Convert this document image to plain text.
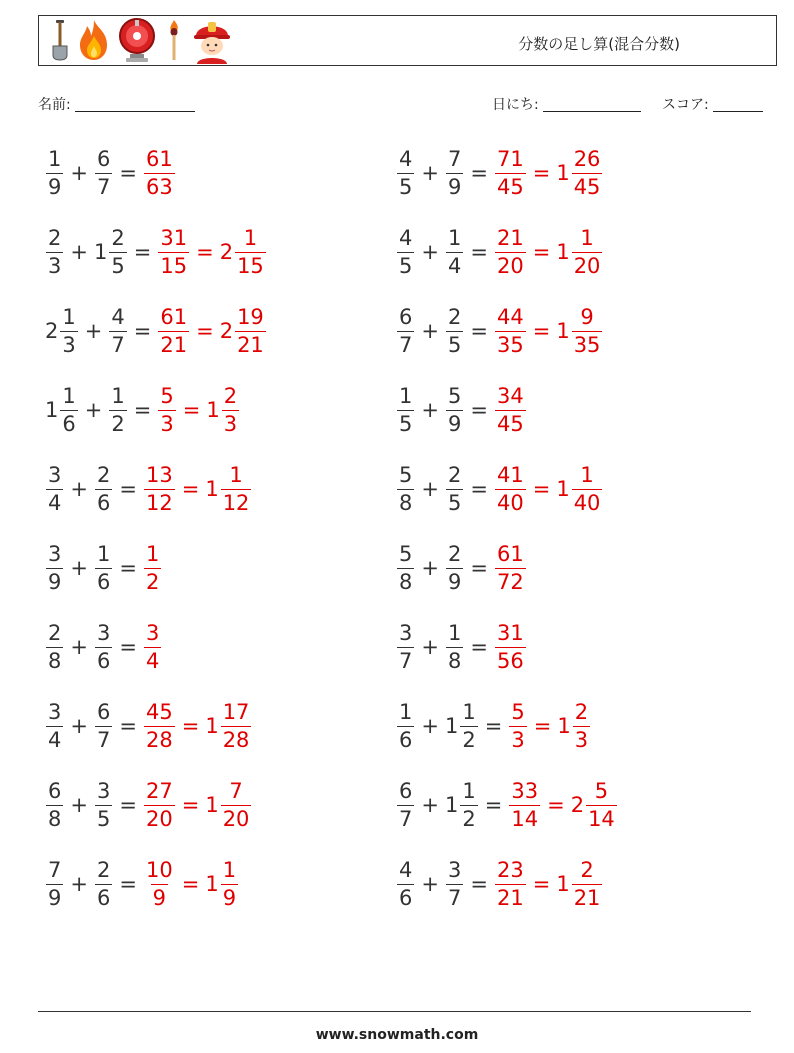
分数の足し算(混合分数)
名前:	日にち:	スコア:
$\frac{1}{9} + \frac{6}{7} = \frac{61}{63}$	$\frac{4}{5} + \frac{7}{9} = \frac{71}{45} = 1 \frac{26}{45}$
$\frac{2}{3} + 1 \frac{2}{5} = \frac{31}{15} = 2 \frac{1}{15}$	$\frac{4}{5} + \frac{1}{4} = \frac{21}{20} = 1 \frac{1}{20}$
$2 \frac{1}{3} + \frac{4}{7} = \frac{61}{21} = 2 \frac{19}{21}$	$\frac{6}{7} + \frac{2}{5} = \frac{44}{35} = 1 \frac{9}{35}$
$1 \frac{1}{6} + \frac{1}{2} = \frac{5}{3} = 1 \frac{2}{3}$	$\frac{1}{5} + \frac{5}{9} = \frac{34}{45}$
$\frac{3}{4} + \frac{2}{6} = \frac{13}{12} = 1 \frac{1}{12}$	$\frac{5}{8} + \frac{2}{5} = \frac{41}{40} = 1 \frac{1}{40}$
$\frac{3}{9} + \frac{1}{6} = \frac{1}{2}$	$\frac{5}{8} + \frac{2}{9} = \frac{61}{72}$
$\frac{2}{8} + \frac{3}{6} = \frac{3}{4}$	$\frac{3}{7} + \frac{1}{8} = \frac{31}{56}$
$\frac{3}{4} + \frac{6}{7} = \frac{45}{28} = 1 \frac{17}{28}$	$\frac{1}{6} + 1 \frac{1}{2} = \frac{5}{3} = 1 \frac{2}{3}$
$\frac{6}{8} + \frac{3}{5} = \frac{27}{20} = 1 \frac{7}{20}$	$\frac{6}{7} + 1 \frac{1}{2} = \frac{33}{14} = 2 \frac{5}{14}$
$\frac{7}{9} + \frac{2}{6} = \frac{10}{9} = 1 \frac{1}{9}$	$\frac{4}{6} + \frac{3}{7} = \frac{23}{21} = 1 \frac{2}{21}$
www.snowmath.com
